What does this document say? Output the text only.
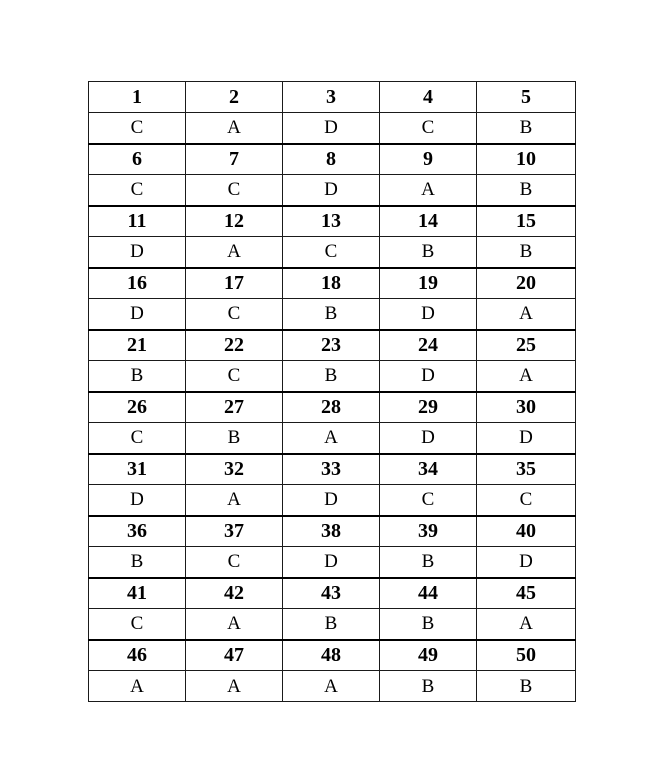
1	2	3	4	5
C	A	D	C	B
6	7	8	9	10
C	C	D	A	B
11	12	13	14	15
D	A	C	B	B
16	17	18	19	20
D	C	B	D	A
21	22	23	24	25
B	C	B	D	A
26	27	28	29	30
C	B	A	D	D
31	32	33	34	35
D	A	D	C	C
36	37	38	39	40
B	C	D	B	D
41	42	43	44	45
C	A	B	B	A
46	47	48	49	50
A	A	A	B	B
